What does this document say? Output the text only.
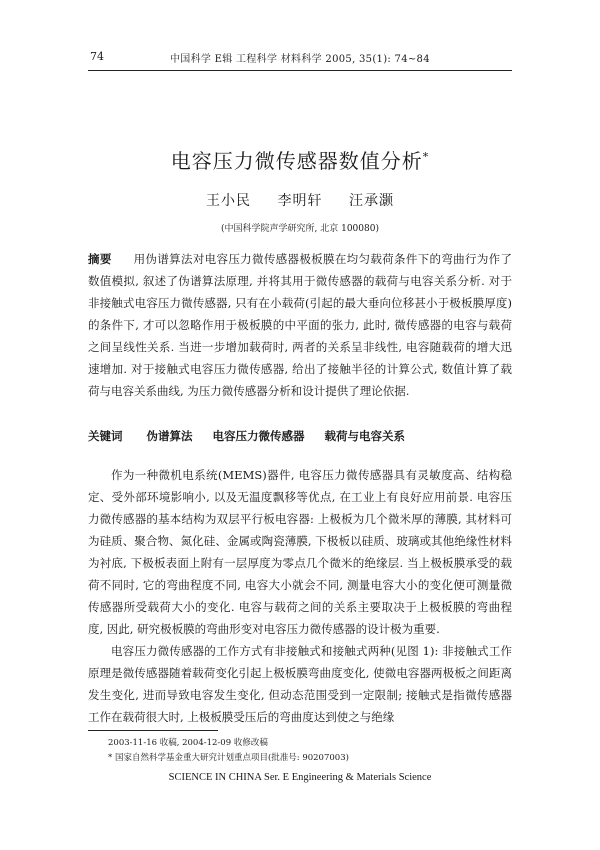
74	中国科学 E辑 工程科学 材料科学 2005, 35(1): 74~84
电容压力微传感器数值分析*
王小民 李明轩 汪承灏
(中国科学院声学研究所, 北京 100080)
摘要 用伪谱算法对电容压力微传感器极板膜在均匀载荷条件下的弯曲行为作了数值模拟, 叙述了伪谱算法原理, 并将其用于微传感器的载荷与电容关系分析. 对于非接触式电容压力微传感器, 只有在小载荷(引起的最大垂向位移甚小于极板膜厚度)的条件下, 才可以忽略作用于极板膜的中平面的张力, 此时, 微传感器的电容与载荷之间呈线性关系. 当进一步增加载荷时, 两者的关系呈非线性, 电容随载荷的增大迅速增加. 对于接触式电容压力微传感器, 给出了接触半径的计算公式, 数值计算了载荷与电容关系曲线, 为压力微传感器分析和设计提供了理论依据.
关键词 伪谱算法 电容压力微传感器 载荷与电容关系

作为一种微机电系统(MEMS)器件, 电容压力微传感器具有灵敏度高、结构稳定、受外部环境影响小, 以及无温度飘移等优点, 在工业上有良好应用前景. 电容压力微传感器的基本结构为双层平行板电容器: 上极板为几个微米厚的薄膜, 其材料可为硅质、聚合物、氮化硅、金属或陶瓷薄膜, 下极板以硅质、玻璃或其他绝缘性材料为衬底, 下极板表面上附有一层厚度为零点几个微米的绝缘层. 当上极板膜承受的载荷不同时, 它的弯曲程度不同, 电容大小就会不同, 测量电容大小的变化便可测量微传感器所受载荷大小的变化. 电容与载荷之间的关系主要取决于上极板膜的弯曲程度, 因此, 研究极板膜的弯曲形变对电容压力微传感器的设计极为重要.

电容压力微传感器的工作方式有非接触式和接触式两种(见图 1): 非接触式工作原理是微传感器随着载荷变化引起上极板膜弯曲度变化, 使微电容器两极板之间距离发生变化, 进而导致电容发生变化, 但动态范围受到一定限制; 接触式是指微传感器工作在载荷很大时, 上极板膜受压后的弯曲度达到使之与绝缘

2003-11-16 收稿, 2004-12-09 收修改稿
* 国家自然科学基金重大研究计划重点项目(批准号: 90207003)
SCIENCE IN CHINA Ser. E Engineering & Materials Science
